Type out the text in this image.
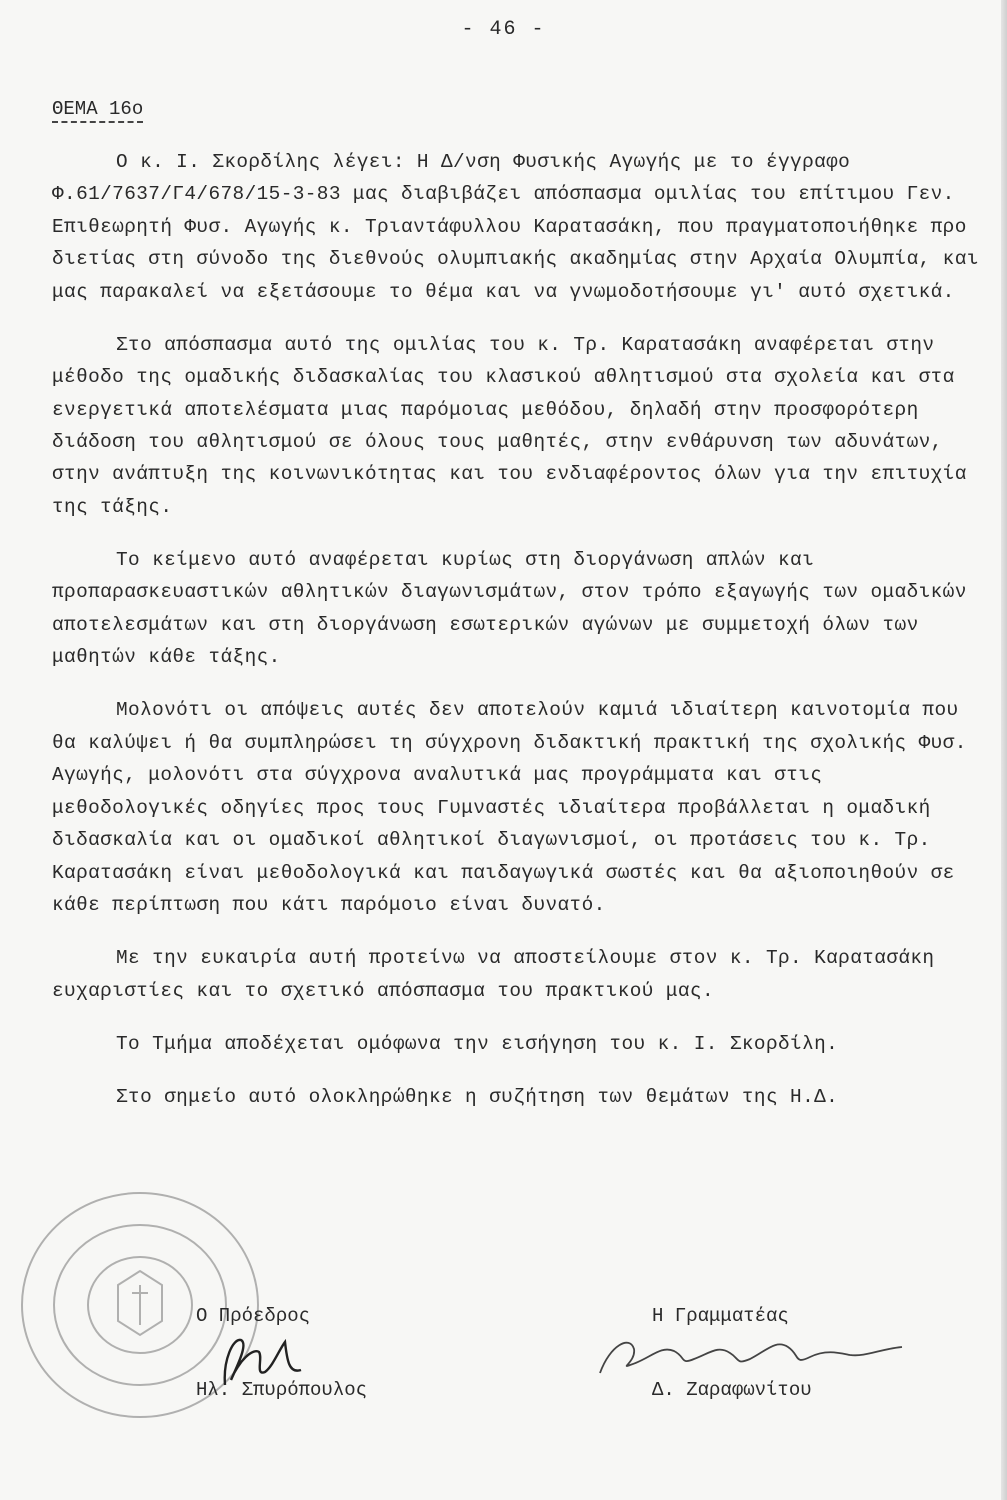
- 46 -
ΘΕΜΑ 16ο

Ο κ. Ι. Σκορδίλης λέγει: Η Δ/νση Φυσικής Αγωγής με το έγγραφο Φ.61/7637/Γ4/678/15-3-83 μας διαβιβάζει απόσπασμα ομιλίας του επίτιμου Γεν. Επιθεωρητή Φυσ. Αγωγής κ. Τριαντάφυλλου Καρατασάκη, που πραγματοποιήθηκε προ διετίας στη σύνοδο της διεθνούς ολυμπιακής ακαδημίας στην Αρχαία Ολυμπία, και μας παρακαλεί να εξετάσουμε το θέμα και να γνωμοδοτήσουμε γι' αυτό σχετικά.

Στο απόσπασμα αυτό της ομιλίας του κ. Τρ. Καρατασάκη αναφέρεται στην μέθοδο της ομαδικής διδασκαλίας του κλασικού αθλητισμού στα σχολεία και στα ενεργετικά αποτελέσματα μιας παρόμοιας μεθόδου, δηλαδή στην προσφορότερη διάδοση του αθλητισμού σε όλους τους μαθητές, στην ενθάρυνση των αδυνάτων, στην ανάπτυξη της κοινωνικότητας και του ενδιαφέροντος όλων για την επιτυχία της τάξης.

Το κείμενο αυτό αναφέρεται κυρίως στη διοργάνωση απλών και προπαρασκευαστικών αθλητικών διαγωνισμάτων, στον τρόπο εξαγωγής των ομαδικών αποτελεσμάτων και στη διοργάνωση εσωτερικών αγώνων με συμμετοχή όλων των μαθητών κάθε τάξης.

Μολονότι οι απόψεις αυτές δεν αποτελούν καμιά ιδιαίτερη καινοτομία που θα καλύψει ή θα συμπληρώσει τη σύγχρονη διδακτική πρακτική της σχολικής Φυσ. Αγωγής, μολονότι στα σύγχρονα αναλυτικά μας προγράμματα και στις μεθοδολογικές οδηγίες προς τους Γυμναστές ιδιαίτερα προβάλλεται η ομαδική διδασκαλία και οι ομαδικοί αθλητικοί διαγωνισμοί, οι προτάσεις του κ. Τρ. Καρατασάκη είναι μεθοδολογικά και παιδαγωγικά σωστές και θα αξιοποιηθούν σε κάθε περίπτωση που κάτι παρόμοιο είναι δυνατό.

Με την ευκαιρία αυτή προτείνω να αποστείλουμε στον κ. Τρ. Καρατασάκη ευχαριστίες και το σχετικό απόσπασμα του πρακτικού μας.

Το Τμήμα αποδέχεται ομόφωνα την εισήγηση του κ. Ι. Σκορδίλη.

Στο σημείο αυτό ολοκληρώθηκε η συζήτηση των θεμάτων της Η.Δ.

Ο Πρόεδρος
Ηλ. Σπυρόπουλος
Η Γραμματέας
Δ. Ζαραφωνίτου
